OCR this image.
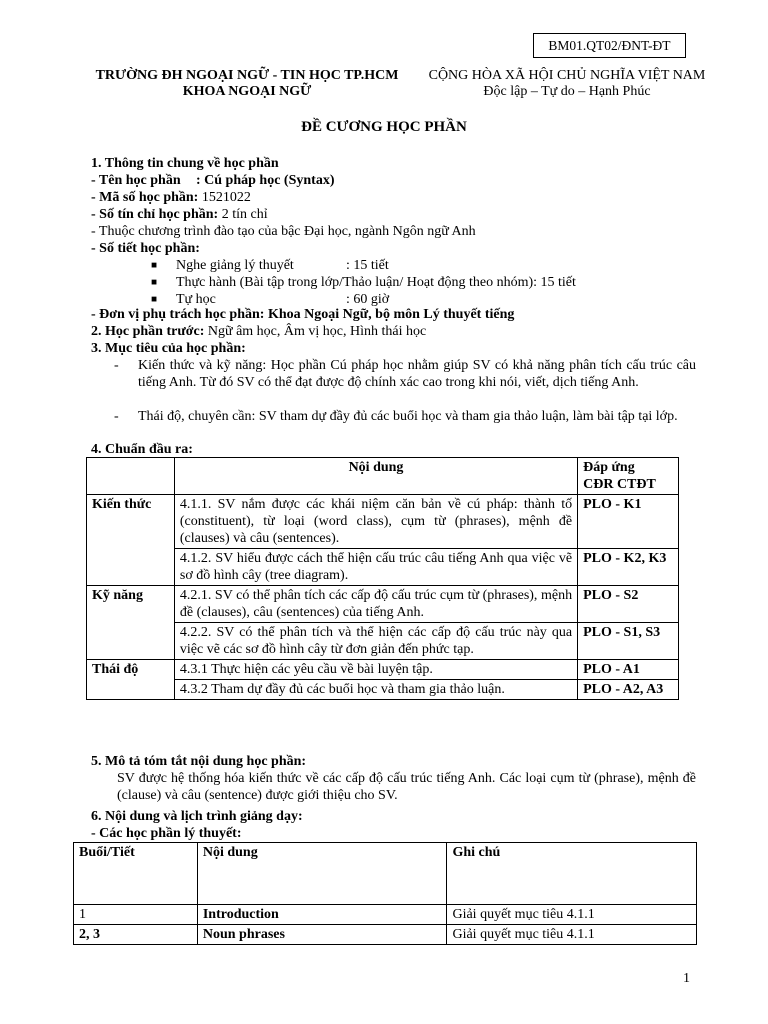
BM01.QT02/ĐNT-ĐT
TRƯỜNG ĐH NGOẠI NGỮ - TIN HỌC TP.HCM
KHOA NGOẠI NGỮ
CỘNG HÒA XÃ HỘI CHỦ NGHĨA VIỆT NAM
Độc lập – Tự do – Hạnh Phúc
ĐỀ CƯƠNG HỌC PHẦN
1. Thông tin chung về học phần
- Tên học phần : Cú pháp học (Syntax)
- Mã số học phần: 1521022
- Số tín chỉ học phần: 2 tín chỉ
- Thuộc chương trình đào tạo của bậc Đại học, ngành Ngôn ngữ Anh
- Số tiết học phần:
■ Nghe giảng lý thuyết	: 15 tiết
■ Thực hành (Bài tập trong lớp/Thảo luận/ Hoạt động theo nhóm): 15 tiết
■ Tự học	: 60 giờ
- Đơn vị phụ trách học phần: Khoa Ngoại Ngữ, bộ môn Lý thuyết tiếng
2. Học phần trước: Ngữ âm học, Âm vị học, Hình thái học
3. Mục tiêu của học phần:
- Kiến thức và kỹ năng: Học phần Cú pháp học nhằm giúp SV có khả năng phân tích cấu trúc câu tiếng Anh. Từ đó SV có thể đạt được độ chính xác cao trong khi nói, viết, dịch tiếng Anh.
- Thái độ, chuyên cần: SV tham dự đầy đủ các buổi học và tham gia thảo luận, làm bài tập tại lớp.
4. Chuẩn đầu ra:
	Nội dung	Đáp ứng
CĐR CTĐT

Kiến thức	4.1.1. SV nắm được các khái niệm căn bản về cú pháp: thành tố (constituent), từ loại (word class), cụm từ (phrases), mệnh đề (clauses) và câu (sentences).	PLO - K1
	4.1.2. SV hiểu được cách thể hiện cấu trúc câu tiếng Anh qua việc vẽ sơ đồ hình cây (tree diagram).	PLO - K2, K3
Kỹ năng	4.2.1. SV có thể phân tích các cấp độ cấu trúc cụm từ (phrases), mệnh đề (clauses), câu (sentences) của tiếng Anh.	PLO - S2
	4.2.2. SV có thể phân tích và thể hiện các cấp độ cấu trúc này qua việc vẽ các sơ đồ hình cây từ đơn giản đến phức tạp.	PLO - S1, S3
Thái độ	4.3.1 Thực hiện các yêu cầu về bài luyện tập.	PLO - A1
	4.3.2 Tham dự đầy đủ các buổi học và tham gia thảo luận.	PLO - A2, A3
5. Mô tả tóm tắt nội dung học phần:
SV được hệ thống hóa kiến thức về các cấp độ cấu trúc tiếng Anh. Các loại cụm từ (phrase), mệnh đề (clause) và câu (sentence) được giới thiệu cho SV.
6. Nội dung và lịch trình giảng dạy:
- Các học phần lý thuyết:
Buổi/Tiết	Nội dung	Ghi chú
1	Introduction	Giải quyết mục tiêu 4.1.1
2, 3	Noun phrases	Giải quyết mục tiêu 4.1.1
1
